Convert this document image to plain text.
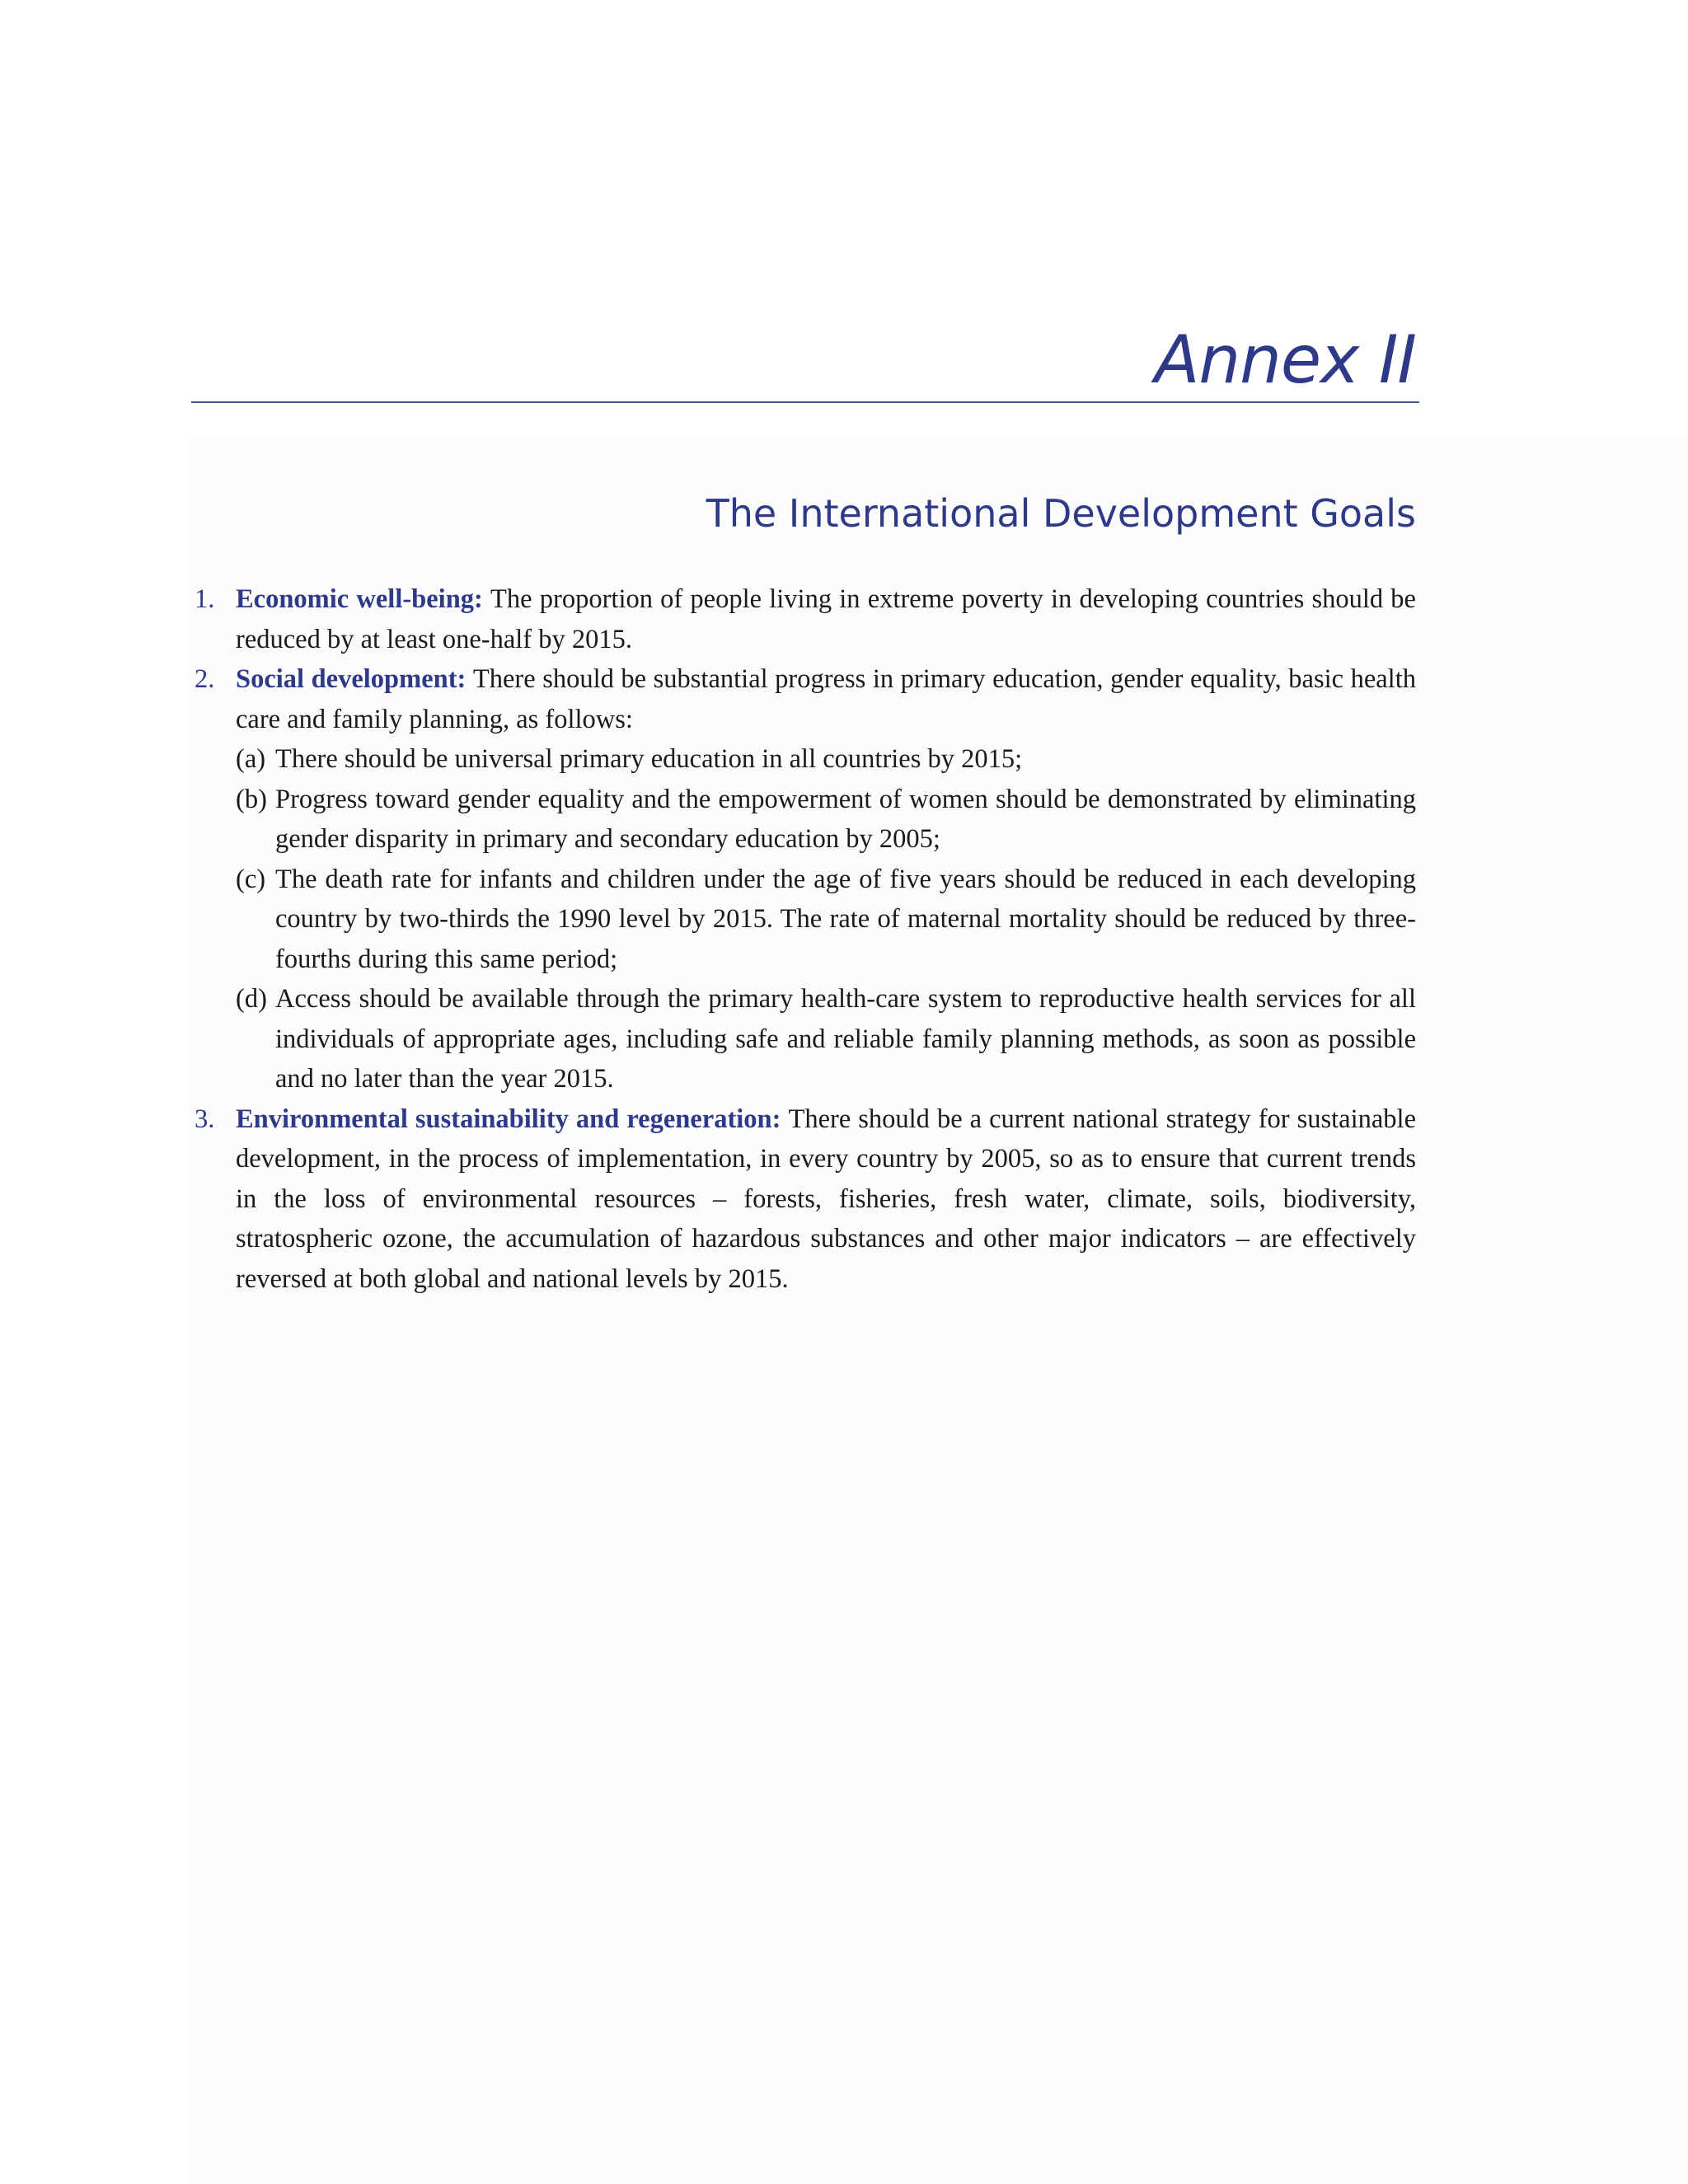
Annex II
The International Development Goals
1. Economic well-being: The proportion of people living in extreme poverty in developing countries should be reduced by at least one-half by 2015.
2. Social development: There should be substantial progress in primary education, gender equality, basic health care and family planning, as follows:
(a) There should be universal primary education in all countries by 2015;
(b) Progress toward gender equality and the empowerment of women should be demonstrated by eliminating gender disparity in primary and secondary education by 2005;
(c) The death rate for infants and children under the age of five years should be reduced in each developing country by two-thirds the 1990 level by 2015. The rate of maternal mortality should be reduced by three-fourths during this same period;
(d) Access should be available through the primary health-care system to reproductive health services for all individuals of appropriate ages, including safe and reliable family planning methods, as soon as possible and no later than the year 2015.
3. Environmental sustainability and regeneration: There should be a current national strategy for sustainable development, in the process of implementation, in every country by 2005, so as to ensure that current trends in the loss of environmental resources – forests, fisheries, fresh water, climate, soils, biodiversity, stratospheric ozone, the accumulation of hazardous substances and other major indicators – are effectively reversed at both global and national levels by 2015.
